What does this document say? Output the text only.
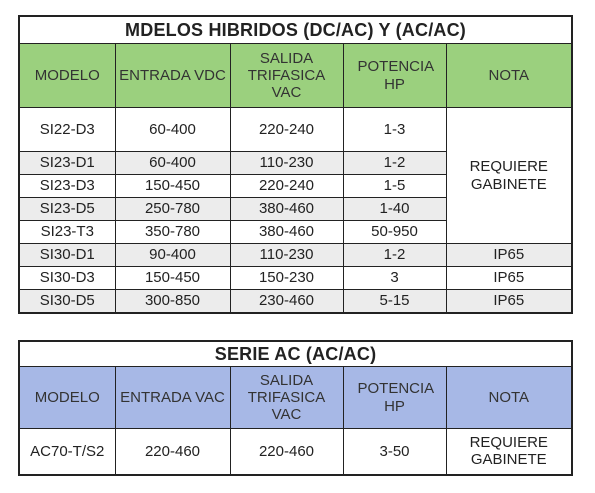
MDELOS HIBRIDOS (DC/AC) Y (AC/AC)				
MODELO	ENTRADA VDC	SALIDA TRIFASICA VAC	POTENCIA HP	NOTA
SI22-D3	60-400	220-240	1-3	REQUIERE
GABINETE

SI23-D1	60-400	110-230	1-2	
SI23-D3	150-450	220-240	1-5	
SI23-D5	250-780	380-460	1-40	
SI23-T3	350-780	380-460	50-950	
SI30-D1	90-400	110-230	1-2	IP65
SI30-D3	150-450	150-230	3	IP65
SI30-D5	300-850	230-460	5-15	IP65
SERIE AC (AC/AC)				
MODELO	ENTRADA VAC	SALIDA TRIFASICA VAC	POTENCIA HP	NOTA
AC70-T/S2	220-460	220-460	3-50	REQUIERE
GABINETE
